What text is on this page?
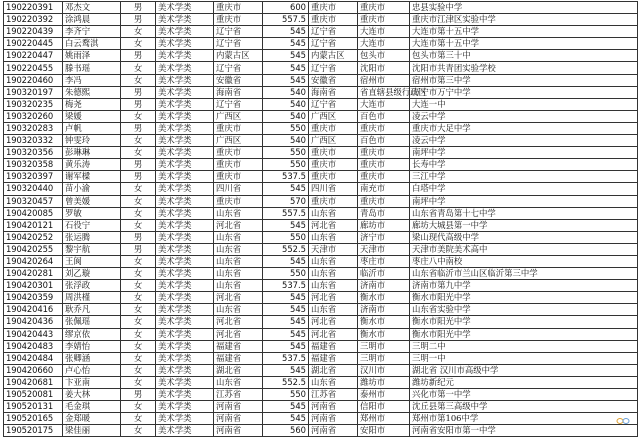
190220391	邓杰文	男	美术学类	重庆市	600	重庆市	重庆市	忠县实验中学
190220392	涂鸿晨	男	美术学类	重庆市	557.5	重庆市	重庆市	重庆市江津区实验中学
190220439	李齐宁	女	美术学类	辽宁省	545	辽宁省	大连市	大连市第十五中学
190220445	白云鹜淇	女	美术学类	辽宁省	545	辽宁省	大连市	大连市第十五中学
190220447	姚雨泽	男	美术学类	内蒙古区	545	内蒙古区	包头市	包头市第三十中
190220455	滕书瑶	女	美术学类	辽宁省	545	辽宁省	沈阳市	沈阳市共青团实验学校
190220460	李冯	女	美术学类	安徽省	545	安徽省	宿州市	宿州市第三中学
190320197	朱德熙	男	美术学类	海南省	540	海南省	省直辖县级行政区	万宁市万宁中学
190320235	梅尧	男	美术学类	辽宁省	540	辽宁省	大连市	大连一中
190320260	梁媛	女	美术学类	广西区	540	广西区	百色市	凌云中学
190320283	卢帆	男	美术学类	重庆市	550	重庆市	重庆市	重庆市大足中学
190320332	钟雯玲	女	美术学类	广西区	540	广西区	百色市	凌云中学
190320356	彭琳琳	女	美术学类	重庆市	550	重庆市	重庆市	南坪中学
190320358	黄乐涛	男	美术学类	重庆市	550	重庆市	重庆市	长寿中学
190320397	谢军樑	男	美术学类	重庆市	537.5	重庆市	重庆市	三江中学
190320440	苗小渝	女	美术学类	四川省	545	四川省	南充市	白塔中学
190320457	曾美媛	女	美术学类	重庆市	570	重庆市	重庆市	南坪中学
190420085	罗敏	女	美术学类	山东省	557.5	山东省	青岛市	山东省青岛第十七中学
190420121	石役宁	女	美术学类	河北省	545	河北省	廊坊市	廊坊大城县第一中学
190420252	张运腾	男	美术学类	山东省	550	山东省	济宁市	梁山现代高级中学
190420255	黎宇航	男	美术学类	山东省	552.5	天津市	天津市	天津市美院美术高中
190420264	王阆	女	美术学类	山东省	545	山东省	枣庄市	枣庄八中南校
190420281	刘乙璇	女	美术学类	山东省	550	山东省	临沂市	山东省临沂市兰山区临沂第三中学
190420301	张浮政	女	美术学类	山东省	537.5	山东省	济南市	济南市第九中学
190420359	周洪槿	女	美术学类	河北省	545	河北省	衡水市	衡水市阳光中学
190420416	耿乔凡	女	美术学类	山东省	545	山东省	济南市	山东省实验中学
190420436	张佩瑶	女	美术学类	河北省	545	河北省	衡水市	衡水市阳光中学
190420443	缪京依	女	美术学类	河北省	545	河北省	衡水市	衡水市阳光中学
190420483	李婧怡	女	美术学类	福建省	545	福建省	三明市	三明二中
190420484	张卿涵	女	美术学类	福建省	537.5	福建省	三明市	三明一中
190420660	卢心怡	女	美术学类	湖北省	545	湖北省	汉川市	湖北省 汉川市高级中学
190420681	卞亚南	女	美术学类	山东省	552.5	山东省	潍坊市	潍坊新纪元
190520081	姜大林	男	美术学类	江苏省	550	江苏省	泰州市	兴化市第一中学
190520131	毛金琪	女	美术学类	河南省	545	河南省	信阳市	沈丘县第三高级中学
190520165	金郑暖	女	美术学类	河南省	545	河南省	郑州市	郑州市第106中学
190520175	梁佳丽	女	美术学类	河南省	560	河南省	安阳市	河南省安阳市第一中学
